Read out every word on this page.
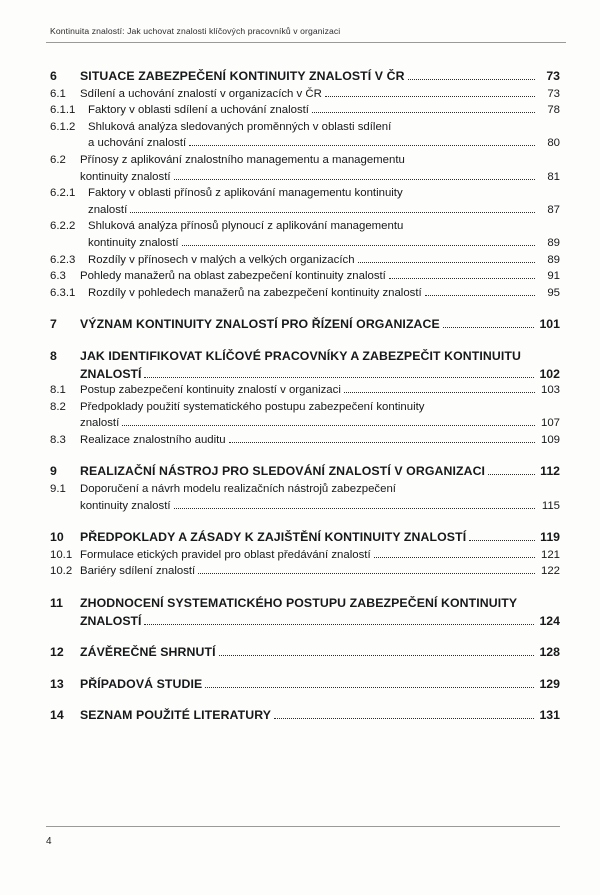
Kontinuita znalostí: Jak uchovat znalosti klíčových pracovníků v organizaci
6	SITUACE ZABEZPEČENÍ KONTINUITY ZNALOSTÍ V ČR	73
6.1	Sdílení a uchování znalostí v organizacích v ČR	73
6.1.1	Faktory v oblasti sdílení a uchování znalostí	78
6.1.2	Shluková analýza sledovaných proměnných v oblasti sdílení

a uchování znalostí	80
6.2	Přínosy z aplikování znalostního managementu a managementu

kontinuity znalostí	81
6.2.1	Faktory v oblasti přínosů z aplikování managementu kontinuity

znalostí	87
6.2.2	Shluková analýza přínosů plynoucí z aplikování managementu

kontinuity znalostí	89
6.2.3	Rozdíly v přínosech v malých a velkých organizacích	89
6.3	Pohledy manažerů na oblast zabezpečení kontinuity znalostí	91
6.3.1	Rozdíly v pohledech manažerů na zabezpečení kontinuity znalostí	95
7	VÝZNAM KONTINUITY ZNALOSTÍ PRO ŘÍZENÍ ORGANIZACE	101
8	JAK IDENTIFIKOVAT KLÍČOVÉ PRACOVNÍKY A ZABEZPEČIT KONTINUITU

ZNALOSTÍ	102
8.1	Postup zabezpečení kontinuity znalostí v organizaci	103
8.2	Předpoklady použití systematického postupu zabezpečení kontinuity

znalostí	107
8.3	Realizace znalostního auditu	109
9	REALIZAČNÍ NÁSTROJ PRO SLEDOVÁNÍ ZNALOSTÍ V ORGANIZACI	112
9.1	Doporučení a návrh modelu realizačních nástrojů zabezpečení

kontinuity znalostí	115
10	PŘEDPOKLADY A ZÁSADY K ZAJIŠTĚNÍ KONTINUITY ZNALOSTÍ	119
10.1 Formulace etických pravidel pro oblast předávání znalostí	121
10.2 Bariéry sdílení znalostí	122
11	ZHODNOCENÍ SYSTEMATICKÉHO POSTUPU ZABEZPEČENÍ KONTINUITY

ZNALOSTÍ	124
12	ZÁVĚREČNÉ SHRNUTÍ	128
13	PŘÍPADOVÁ STUDIE	129
14	SEZNAM POUŽITÉ LITERATURY	131
4
